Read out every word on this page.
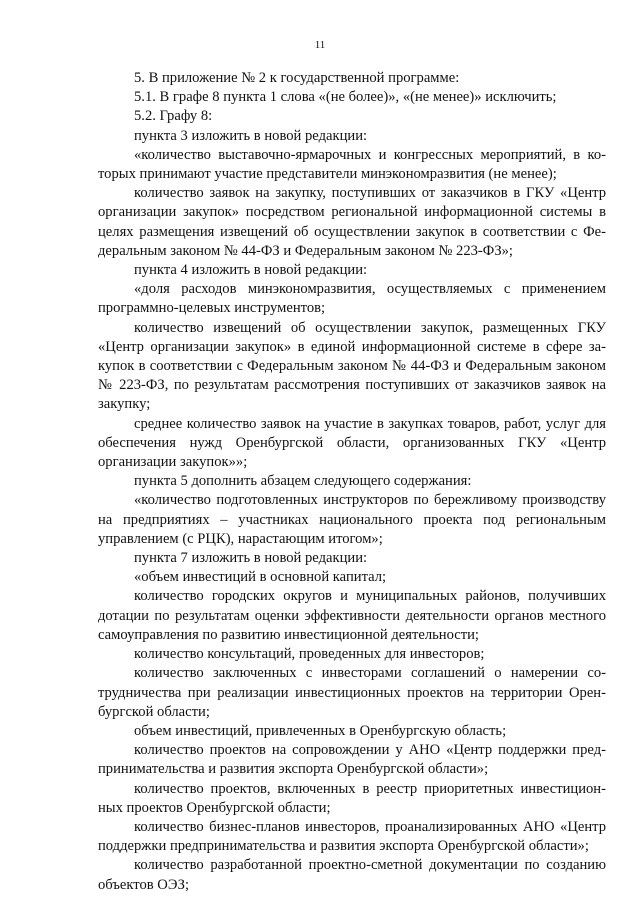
11

5. В приложение № 2 к государственной программе:

5.1. В графе 8 пункта 1 слова «(не более)», «(не менее)» исключить;

5.2. Графу 8:

пункта 3 изложить в новой редакции:

«количество выставочно-ярмарочных и конгрессных мероприятий, в которых принимают участие представители минэкономразвития (не менее);

количество заявок на закупку, поступивших от заказчиков в ГКУ «Центр организации закупок» посредством региональной информационной системы в целях размещения извещений об осуществлении закупок в соответствии с Федеральным законом № 44-ФЗ и Федеральным законом № 223-ФЗ»;

пункта 4 изложить в новой редакции:

«доля расходов минэкономразвития, осуществляемых с применением программно-целевых инструментов;

количество извещений об осуществлении закупок, размещенных ГКУ «Центр организации закупок» в единой информационной системе в сфере закупок в соответствии с Федеральным законом № 44-ФЗ и Федеральным законом № 223-ФЗ, по результатам рассмотрения поступивших от заказчиков заявок на закупку;

среднее количество заявок на участие в закупках товаров, работ, услуг для обеспечения нужд Оренбургской области, организованных ГКУ «Центр организации закупок»»;

пункта 5 дополнить абзацем следующего содержания:

«количество подготовленных инструкторов по бережливому производству на предприятиях – участниках национального проекта под региональным управлением (с РЦК), нарастающим итогом»;

пункта 7 изложить в новой редакции:

«объем инвестиций в основной капитал;

количество городских округов и муниципальных районов, получивших дотации по результатам оценки эффективности деятельности органов местного самоуправления по развитию инвестиционной деятельности;

количество консультаций, проведенных для инвесторов;

количество заключенных с инвесторами соглашений о намерении сотрудничества при реализации инвестиционных проектов на территории Оренбургской области;

объем инвестиций, привлеченных в Оренбургскую область;

количество проектов на сопровождении у АНО «Центр поддержки предпринимательства и развития экспорта Оренбургской области»;

количество проектов, включенных в реестр приоритетных инвестиционных проектов Оренбургской области;

количество бизнес-планов инвесторов, проанализированных АНО «Центр поддержки предпринимательства и развития экспорта Оренбургской области»;

количество разработанной проектно-сметной документации по созданию объектов ОЭЗ;
